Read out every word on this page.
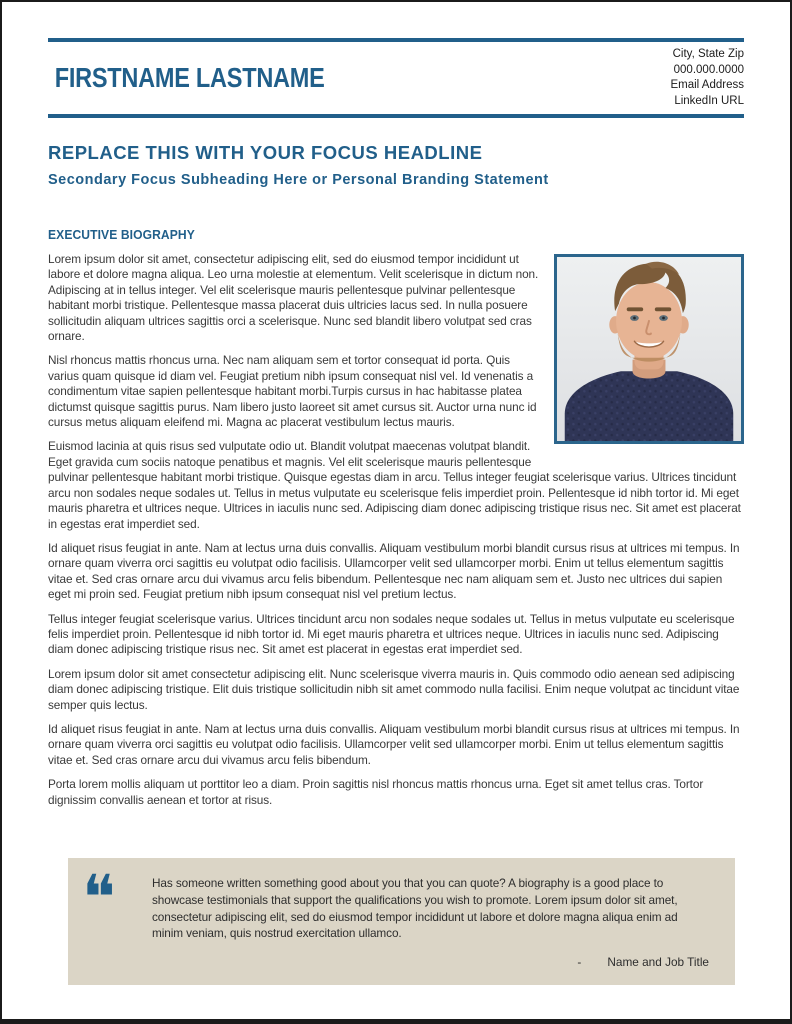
FIRSTNAME LASTNAME
City, State Zip
000.000.0000
Email Address
LinkedIn URL
REPLACE THIS WITH YOUR FOCUS HEADLINE
Secondary Focus Subheading Here or Personal Branding Statement
EXECUTIVE BIOGRAPHY

Lorem ipsum dolor sit amet, consectetur adipiscing elit, sed do eiusmod tempor incididunt ut labore et dolore magna aliqua. Leo urna molestie at elementum. Velit scelerisque in dictum non. Adipiscing at in tellus integer. Vel elit scelerisque mauris pellentesque pulvinar pellentesque habitant morbi tristique. Pellentesque massa placerat duis ultricies lacus sed. In nulla posuere sollicitudin aliquam ultrices sagittis orci a scelerisque. Nunc sed blandit libero volutpat sed cras ornare.

Nisl rhoncus mattis rhoncus urna. Nec nam aliquam sem et tortor consequat id porta. Quis varius quam quisque id diam vel. Feugiat pretium nibh ipsum consequat nisl vel. Id venenatis a condimentum vitae sapien pellentesque habitant morbi.Turpis cursus in hac habitasse platea dictumst quisque sagittis purus. Nam libero justo laoreet sit amet cursus sit. Auctor urna nunc id cursus metus aliquam eleifend mi. Magna ac placerat vestibulum lectus mauris.

Euismod lacinia at quis risus sed vulputate odio ut. Blandit volutpat maecenas volutpat blandit. Eget gravida cum sociis natoque penatibus et magnis. Vel elit scelerisque mauris pellentesque pulvinar pellentesque habitant morbi tristique. Quisque egestas diam in arcu. Tellus integer feugiat scelerisque varius. Ultrices tincidunt arcu non sodales neque sodales ut. Tellus in metus vulputate eu scelerisque felis imperdiet proin. Pellentesque id nibh tortor id. Mi eget mauris pharetra et ultrices neque. Ultrices in iaculis nunc sed. Adipiscing diam donec adipiscing tristique risus nec. Sit amet est placerat in egestas erat imperdiet sed.

Id aliquet risus feugiat in ante. Nam at lectus urna duis convallis. Aliquam vestibulum morbi blandit cursus risus at ultrices mi tempus. In ornare quam viverra orci sagittis eu volutpat odio facilisis. Ullamcorper velit sed ullamcorper morbi. Enim ut tellus elementum sagittis vitae et. Sed cras ornare arcu dui vivamus arcu felis bibendum. Pellentesque nec nam aliquam sem et. Justo nec ultrices dui sapien eget mi proin sed. Feugiat pretium nibh ipsum consequat nisl vel pretium lectus.

Tellus integer feugiat scelerisque varius. Ultrices tincidunt arcu non sodales neque sodales ut. Tellus in metus vulputate eu scelerisque felis imperdiet proin. Pellentesque id nibh tortor id. Mi eget mauris pharetra et ultrices neque. Ultrices in iaculis nunc sed. Adipiscing diam donec adipiscing tristique risus nec. Sit amet est placerat in egestas erat imperdiet sed.

Lorem ipsum dolor sit amet consectetur adipiscing elit. Nunc scelerisque viverra mauris in. Quis commodo odio aenean sed adipiscing diam donec adipiscing tristique. Elit duis tristique sollicitudin nibh sit amet commodo nulla facilisi. Enim neque volutpat ac tincidunt vitae semper quis lectus.

Id aliquet risus feugiat in ante. Nam at lectus urna duis convallis. Aliquam vestibulum morbi blandit cursus risus at ultrices mi tempus. In ornare quam viverra orci sagittis eu volutpat odio facilisis. Ullamcorper velit sed ullamcorper morbi. Enim ut tellus elementum sagittis vitae et. Sed cras ornare arcu dui vivamus arcu felis bibendum.

Porta lorem mollis aliquam ut porttitor leo a diam. Proin sagittis nisl rhoncus mattis rhoncus urna. Eget sit amet tellus cras. Tortor dignissim convallis aenean et tortor at risus.

❝	Has someone written something good about you that you can quote? A biography is a good place to showcase testimonials that support the qualifications you wish to promote. Lorem ipsum dolor sit amet, consectetur adipiscing elit, sed do eiusmod tempor incididunt ut labore et dolore magna aliqua enim ad minim veniam, quis nostrud exercitation ullamco.
- Name and Job Title
